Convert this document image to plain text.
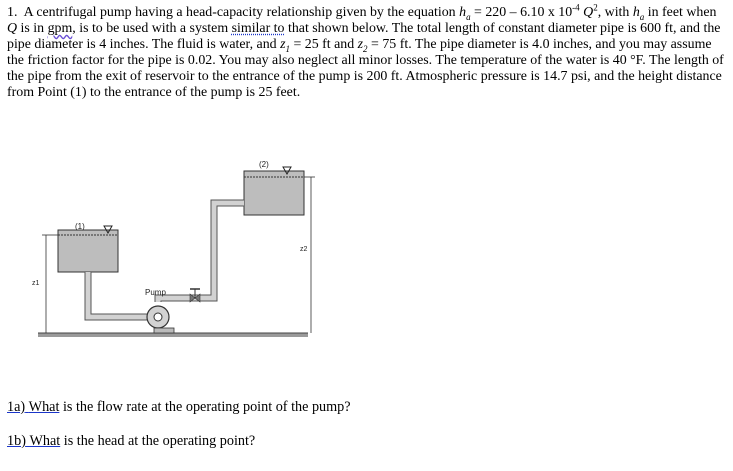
1. A centrifugal pump having a head-capacity relationship given by the equation $h_a = 220 - 6.10$ x $10^{-4}$ $Q^2$, with $h_a$ in feet when Q is in gpm, is to be used with a system similar to that shown below. The total length of constant diameter pipe is 600 ft, and the pipe diameter is 4 inches. The fluid is water, and $z_1 = 25$ ft and $z_2 = 75$ ft. The pipe diameter is 4.0 inches, and you may assume the friction factor for the pipe is 0.02. You may also neglect all minor losses. The temperature of the water is 40 °F. The length of the pipe from the exit of reservoir to the entrance of the pump is 200 ft. Atmospheric pressure is 14.7 psi, and the height distance from Point (1) to the entrance of the pump is 25 feet.

(1)
(2)
Pump
z1
z2

1a) What is the flow rate at the operating point of the pump?

1b) What is the head at the operating point?
